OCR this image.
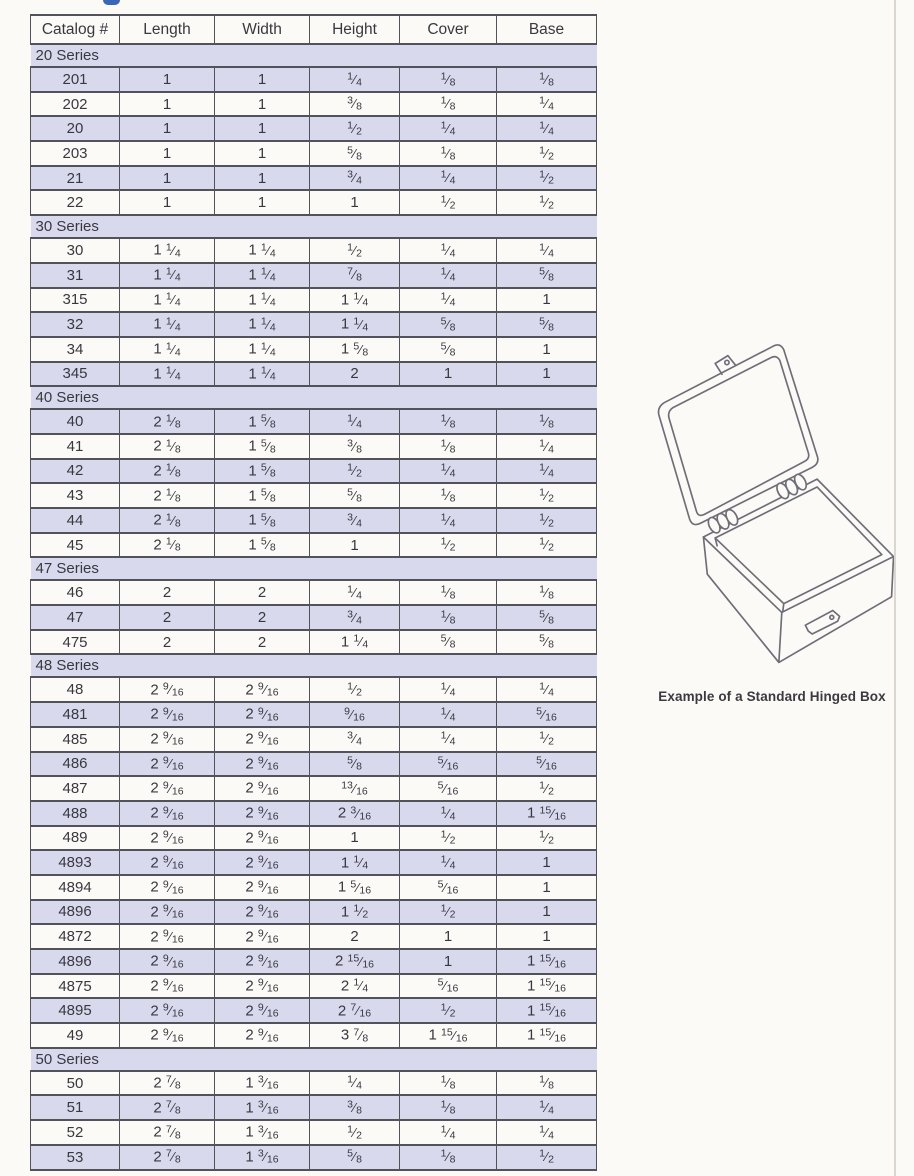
Catalog #	Length	Width	Height	Cover	Base
20 Series					
201	1	1	$^1$⁄4	$^1$⁄8	$^1$⁄8
202	1	1	$^3$⁄8	$^1$⁄8	$^1$⁄4
20	1	1	$^1$⁄2	$^1$⁄4	$^1$⁄4
203	1	1	$^5$⁄8	$^1$⁄8	$^1$⁄2
21	1	1	$^3$⁄4	$^1$⁄4	$^1$⁄2
22	1	1	1	$^1$⁄2	$^1$⁄2
30 Series					
30	1 $^1$⁄4	1 $^1$⁄4	$^1$⁄2	$^1$⁄4	$^1$⁄4
31	1 $^1$⁄4	1 $^1$⁄4	$^7$⁄8	$^1$⁄4	$^5$⁄8
315	1 $^1$⁄4	1 $^1$⁄4	1 $^1$⁄4	$^1$⁄4	1
32	1 $^1$⁄4	1 $^1$⁄4	1 $^1$⁄4	$^5$⁄8	$^5$⁄8
34	1 $^1$⁄4	1 $^1$⁄4	1 $^5$⁄8	$^5$⁄8	1
345	1 $^1$⁄4	1 $^1$⁄4	2	1	1
40 Series					
40	2 $^1$⁄8	1 $^5$⁄8	$^1$⁄4	$^1$⁄8	$^1$⁄8
41	2 $^1$⁄8	1 $^5$⁄8	$^3$⁄8	$^1$⁄8	$^1$⁄4
42	2 $^1$⁄8	1 $^5$⁄8	$^1$⁄2	$^1$⁄4	$^1$⁄4
43	2 $^1$⁄8	1 $^5$⁄8	$^5$⁄8	$^1$⁄8	$^1$⁄2
44	2 $^1$⁄8	1 $^5$⁄8	$^3$⁄4	$^1$⁄4	$^1$⁄2
45	2 $^1$⁄8	1 $^5$⁄8	1	$^1$⁄2	$^1$⁄2
47 Series					
46	2	2	$^1$⁄4	$^1$⁄8	$^1$⁄8
47	2	2	$^3$⁄4	$^1$⁄8	$^5$⁄8
475	2	2	1 $^1$⁄4	$^5$⁄8	$^5$⁄8
48 Series					
48	2 $^9$⁄16	2 $^9$⁄16	$^1$⁄2	$^1$⁄4	$^1$⁄4
481	2 $^9$⁄16	2 $^9$⁄16	$^9$⁄16	$^1$⁄4	$^5$⁄16
485	2 $^9$⁄16	2 $^9$⁄16	$^3$⁄4	$^1$⁄4	$^1$⁄2
486	2 $^9$⁄16	2 $^9$⁄16	$^5$⁄8	$^5$⁄16	$^5$⁄16
487	2 $^9$⁄16	2 $^9$⁄16	$^{13}$⁄16	$^5$⁄16	$^1$⁄2
488	2 $^9$⁄16	2 $^9$⁄16	2 $^3$⁄16	$^1$⁄4	1 $^{15}$⁄16
489	2 $^9$⁄16	2 $^9$⁄16	1	$^1$⁄2	$^1$⁄2
4893	2 $^9$⁄16	2 $^9$⁄16	1 $^1$⁄4	$^1$⁄4	1
4894	2 $^9$⁄16	2 $^9$⁄16	1 $^5$⁄16	$^5$⁄16	1
4896	2 $^9$⁄16	2 $^9$⁄16	1 $^1$⁄2	$^1$⁄2	1
4872	2 $^9$⁄16	2 $^9$⁄16	2	1	1
4896	2 $^9$⁄16	2 $^9$⁄16	2 $^{15}$⁄16	1	1 $^{15}$⁄16
4875	2 $^9$⁄16	2 $^9$⁄16	2 $^1$⁄4	$^5$⁄16	1 $^{15}$⁄16
4895	2 $^9$⁄16	2 $^9$⁄16	2 $^7$⁄16	$^1$⁄2	1 $^{15}$⁄16
49	2 $^9$⁄16	2 $^9$⁄16	3 $^7$⁄8	1 $^{15}$⁄16	1 $^{15}$⁄16
50 Series					
50	2 $^7$⁄8	1 $^3$⁄16	$^1$⁄4	$^1$⁄8	$^1$⁄8
51	2 $^7$⁄8	1 $^3$⁄16	$^3$⁄8	$^1$⁄8	$^1$⁄4
52	2 $^7$⁄8	1 $^3$⁄16	$^1$⁄2	$^1$⁄4	$^1$⁄4
53	2 $^7$⁄8	1 $^3$⁄16	$^5$⁄8	$^1$⁄8	$^1$⁄2
Example of a Standard Hinged Box
